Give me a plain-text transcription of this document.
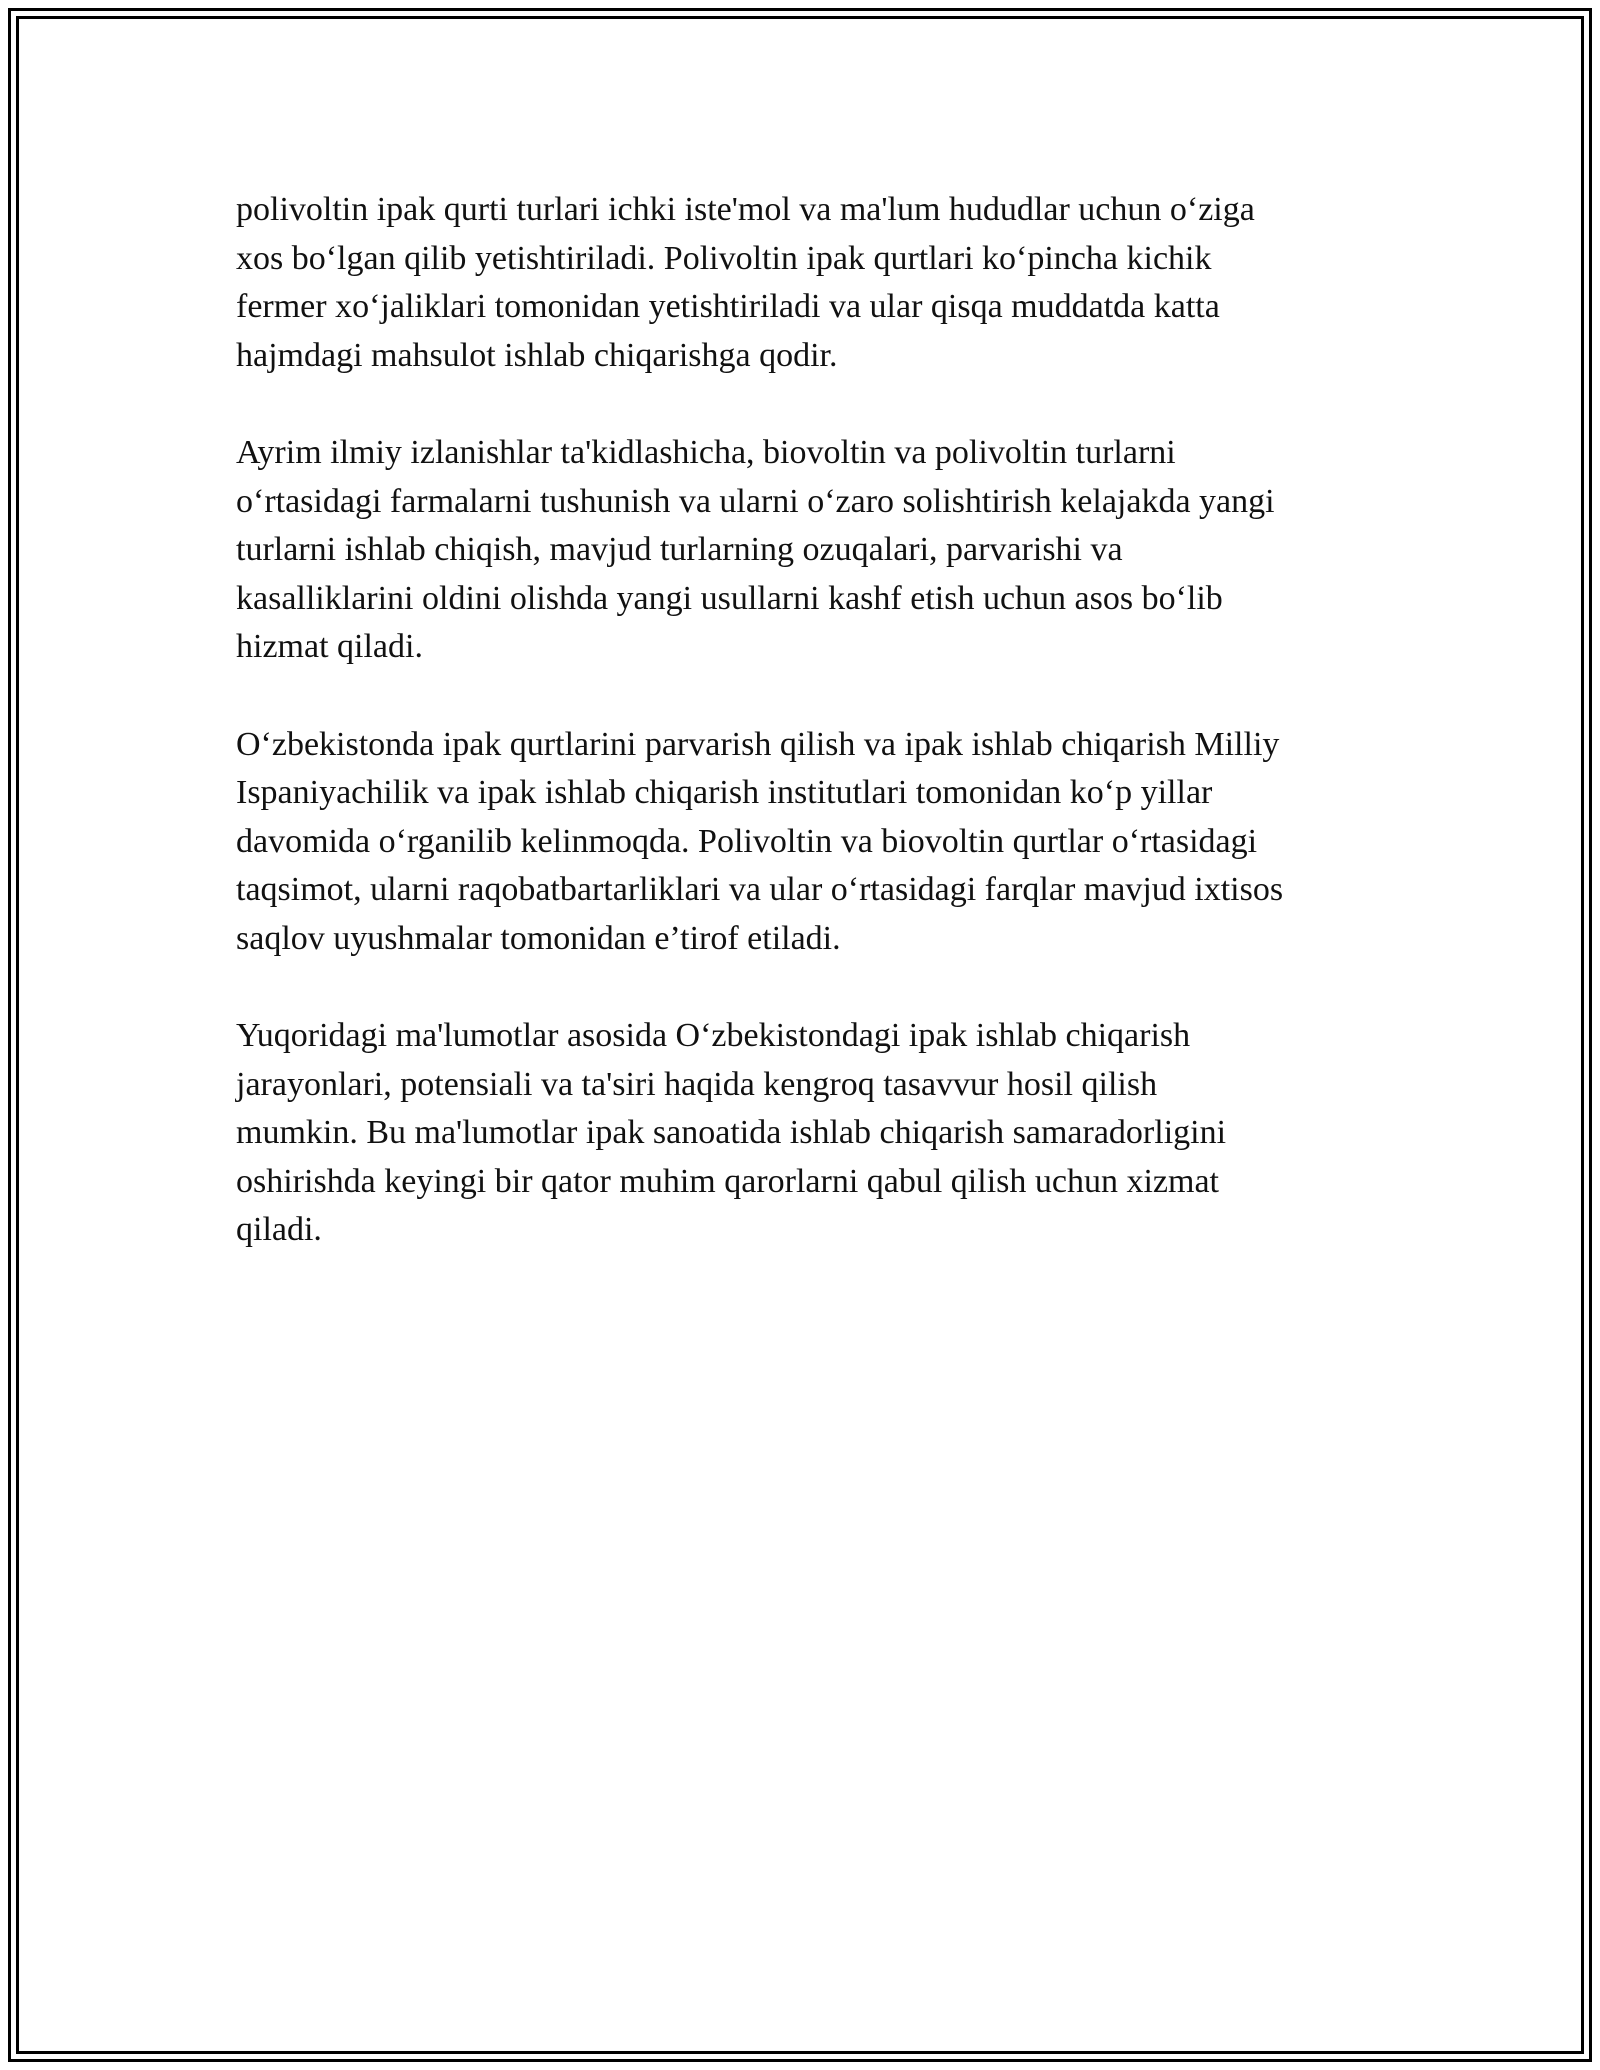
polivoltin ipak qurti turlari ichki iste'mol va ma'lum hududlar uchun o‘ziga
xos bo‘lgan qilib yetishtiriladi. Polivoltin ipak qurtlari ko‘pincha kichik
fermer xo‘jaliklari tomonidan yetishtiriladi va ular qisqa muddatda katta
hajmdagi mahsulot ishlab chiqarishga qodir.

Ayrim ilmiy izlanishlar ta'kidlashicha, biovoltin va polivoltin turlarni
o‘rtasidagi farmalarni tushunish va ularni o‘zaro solishtirish kelajakda yangi
turlarni ishlab chiqish, mavjud turlarning ozuqalari, parvarishi va
kasalliklarini oldini olishda yangi usullarni kashf etish uchun asos bo‘lib
hizmat qiladi.

O‘zbekistonda ipak qurtlarini parvarish qilish va ipak ishlab chiqarish Milliy
Ispaniyachilik va ipak ishlab chiqarish institutlari tomonidan ko‘p yillar
davomida o‘rganilib kelinmoqda. Polivoltin va biovoltin qurtlar o‘rtasidagi
taqsimot, ularni raqobatbartarliklari va ular o‘rtasidagi farqlar mavjud ixtisos
saqlov uyushmalar tomonidan e’tirof etiladi.

Yuqoridagi ma'lumotlar asosida O‘zbekistondagi ipak ishlab chiqarish
jarayonlari, potensiali va ta'siri haqida kengroq tasavvur hosil qilish
mumkin. Bu ma'lumotlar ipak sanoatida ishlab chiqarish samaradorligini
oshirishda keyingi bir qator muhim qarorlarni qabul qilish uchun xizmat
qiladi.
